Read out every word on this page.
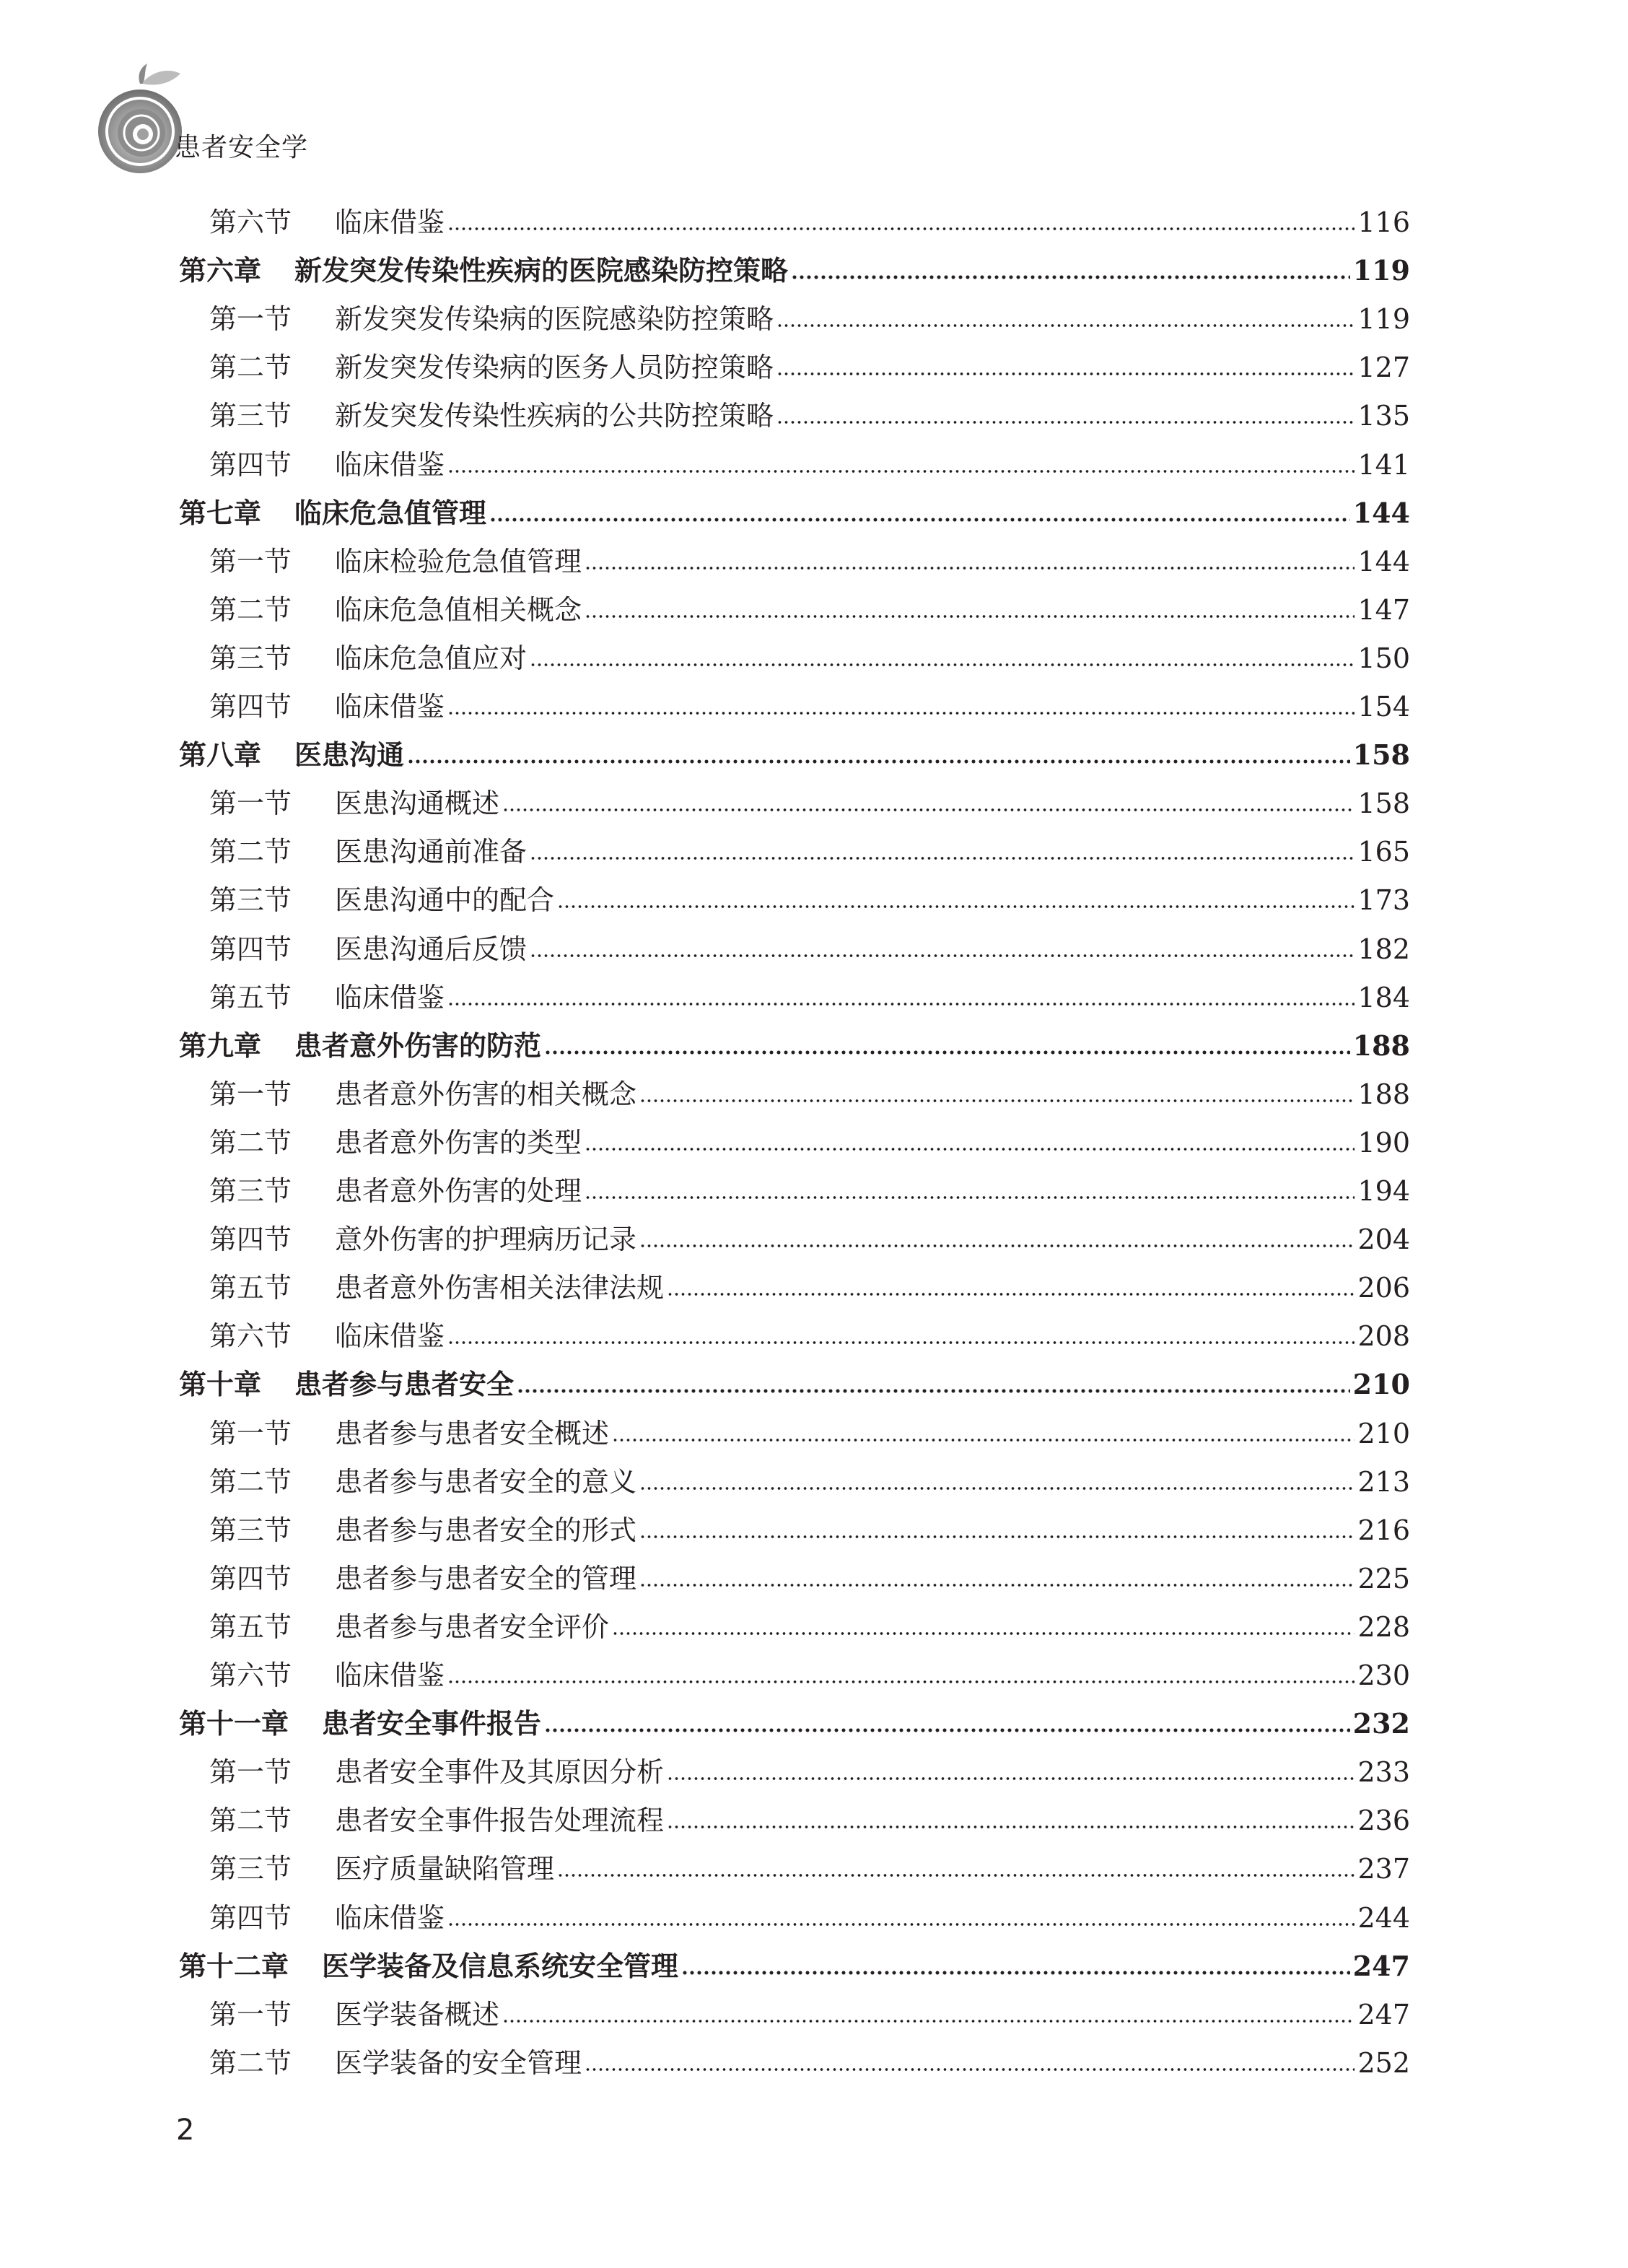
患者安全学
第六节 临床借鉴	116
第六章 新发突发传染性疾病的医院感染防控策略	119
第一节 新发突发传染病的医院感染防控策略	119
第二节 新发突发传染病的医务人员防控策略	127
第三节 新发突发传染性疾病的公共防控策略	135
第四节 临床借鉴	141
第七章 临床危急值管理	144
第一节 临床检验危急值管理	144
第二节 临床危急值相关概念	147
第三节 临床危急值应对	150
第四节 临床借鉴	154
第八章 医患沟通	158
第一节 医患沟通概述	158
第二节 医患沟通前准备	165
第三节 医患沟通中的配合	173
第四节 医患沟通后反馈	182
第五节 临床借鉴	184
第九章 患者意外伤害的防范	188
第一节 患者意外伤害的相关概念	188
第二节 患者意外伤害的类型	190
第三节 患者意外伤害的处理	194
第四节 意外伤害的护理病历记录	204
第五节 患者意外伤害相关法律法规	206
第六节 临床借鉴	208
第十章 患者参与患者安全	210
第一节 患者参与患者安全概述	210
第二节 患者参与患者安全的意义	213
第三节 患者参与患者安全的形式	216
第四节 患者参与患者安全的管理	225
第五节 患者参与患者安全评价	228
第六节 临床借鉴	230
第十一章 患者安全事件报告	232
第一节 患者安全事件及其原因分析	233
第二节 患者安全事件报告处理流程	236
第三节 医疗质量缺陷管理	237
第四节 临床借鉴	244
第十二章 医学装备及信息系统安全管理	247
第一节 医学装备概述	247
第二节 医学装备的安全管理	252
2
